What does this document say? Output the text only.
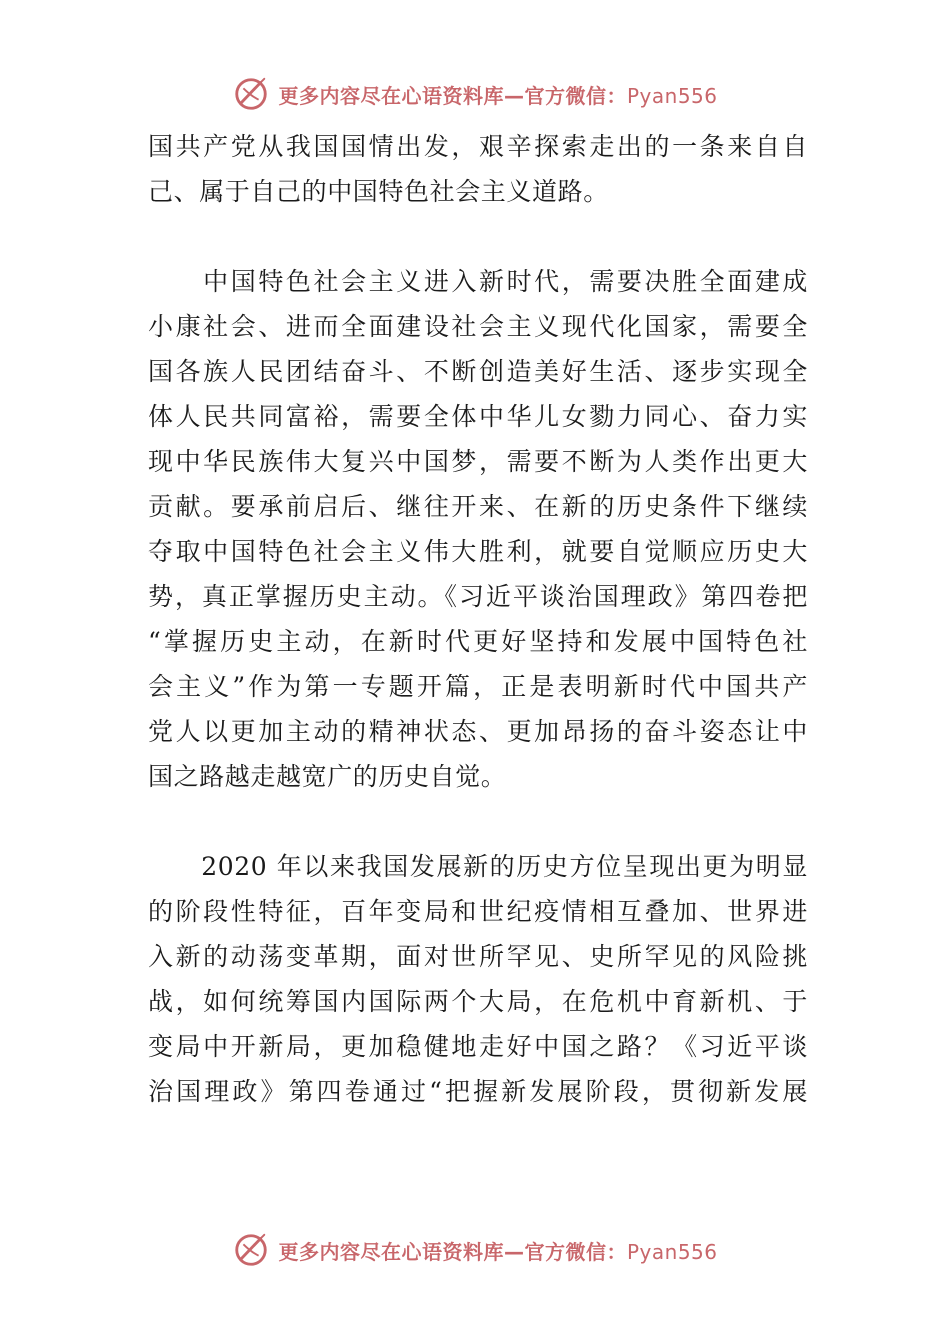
更多内容尽在心语资料库—官方微信：Pyan556
国共产党从我国国情出发，艰辛探索走出的一条来自自
己、属于自己的中国特色社会主义道路。
　　中国特色社会主义进入新时代，需要决胜全面建成
小康社会、进而全面建设社会主义现代化国家，需要全
国各族人民团结奋斗、不断创造美好生活、逐步实现全
体人民共同富裕，需要全体中华儿女勠力同心、奋力实
现中华民族伟大复兴中国梦，需要不断为人类作出更大
贡献。要承前启后、继往开来、在新的历史条件下继续
夺取中国特色社会主义伟大胜利，就要自觉顺应历史大
势，真正掌握历史主动。《习近平谈治国理政》第四卷把
“掌握历史主动，在新时代更好坚持和发展中国特色社
会主义”作为第一专题开篇，正是表明新时代中国共产
党人以更加主动的精神状态、更加昂扬的奋斗姿态让中
国之路越走越宽广的历史自觉。
　　2020 年以来我国发展新的历史方位呈现出更为明显
的阶段性特征，百年变局和世纪疫情相互叠加、世界进
入新的动荡变革期，面对世所罕见、史所罕见的风险挑
战，如何统筹国内国际两个大局，在危机中育新机、于
变局中开新局，更加稳健地走好中国之路？《习近平谈
治国理政》第四卷通过“把握新发展阶段，贯彻新发展
更多内容尽在心语资料库—官方微信：Pyan556
